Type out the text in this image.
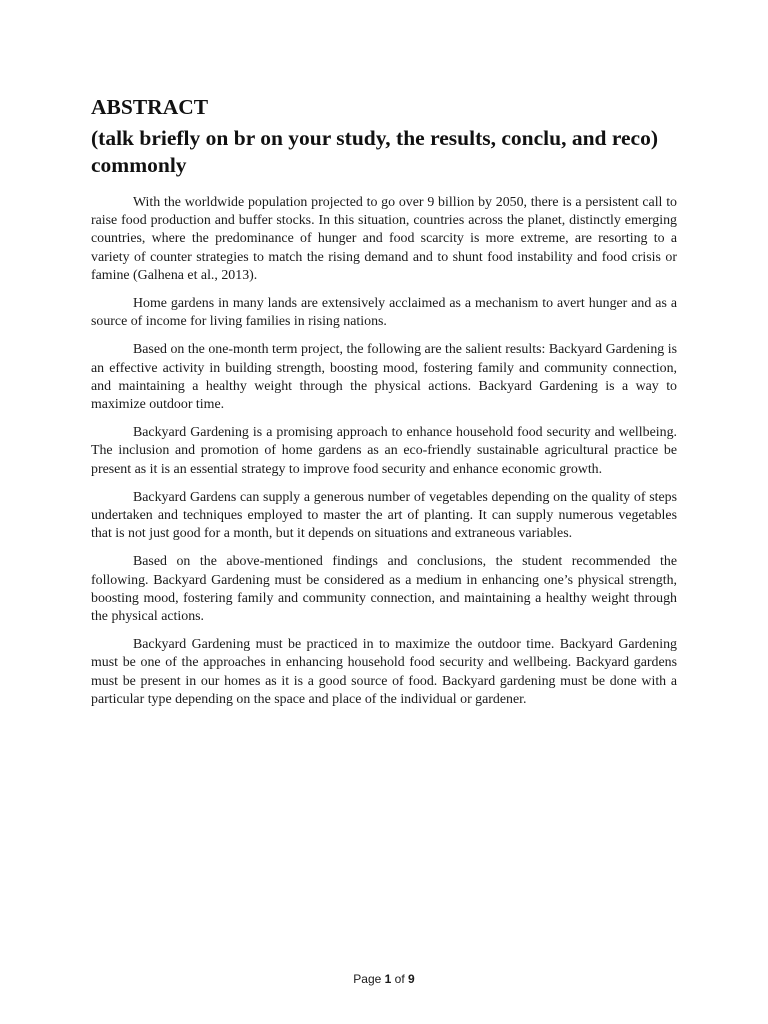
ABSTRACT
(talk briefly on br on your study, the results, conclu, and reco) commonly

With the worldwide population projected to go over 9 billion by 2050, there is a persistent call to raise food production and buffer stocks. In this situation, countries across the planet, distinctly emerging countries, where the predominance of hunger and food scarcity is more extreme, are resorting to a variety of counter strategies to match the rising demand and to shunt food instability and food crisis or famine (Galhena et al., 2013).

Home gardens in many lands are extensively acclaimed as a mechanism to avert hunger and as a source of income for living families in rising nations.

Based on the one-month term project, the following are the salient results: Backyard Gardening is an effective activity in building strength, boosting mood, fostering family and community connection, and maintaining a healthy weight through the physical actions. Backyard Gardening is a way to maximize outdoor time.

Backyard Gardening is a promising approach to enhance household food security and wellbeing. The inclusion and promotion of home gardens as an eco-friendly sustainable agricultural practice be present as it is an essential strategy to improve food security and enhance economic growth.

Backyard Gardens can supply a generous number of vegetables depending on the quality of steps undertaken and techniques employed to master the art of planting. It can supply numerous vegetables that is not just good for a month, but it depends on situations and extraneous variables.

Based on the above-mentioned findings and conclusions, the student recommended the following. Backyard Gardening must be considered as a medium in enhancing one’s physical strength, boosting mood, fostering family and community connection, and maintaining a healthy weight through the physical actions.

Backyard Gardening must be practiced in to maximize the outdoor time. Backyard Gardening must be one of the approaches in enhancing household food security and wellbeing. Backyard gardens must be present in our homes as it is a good source of food. Backyard gardening must be done with a particular type depending on the space and place of the individual or gardener.

Page 1 of 9
